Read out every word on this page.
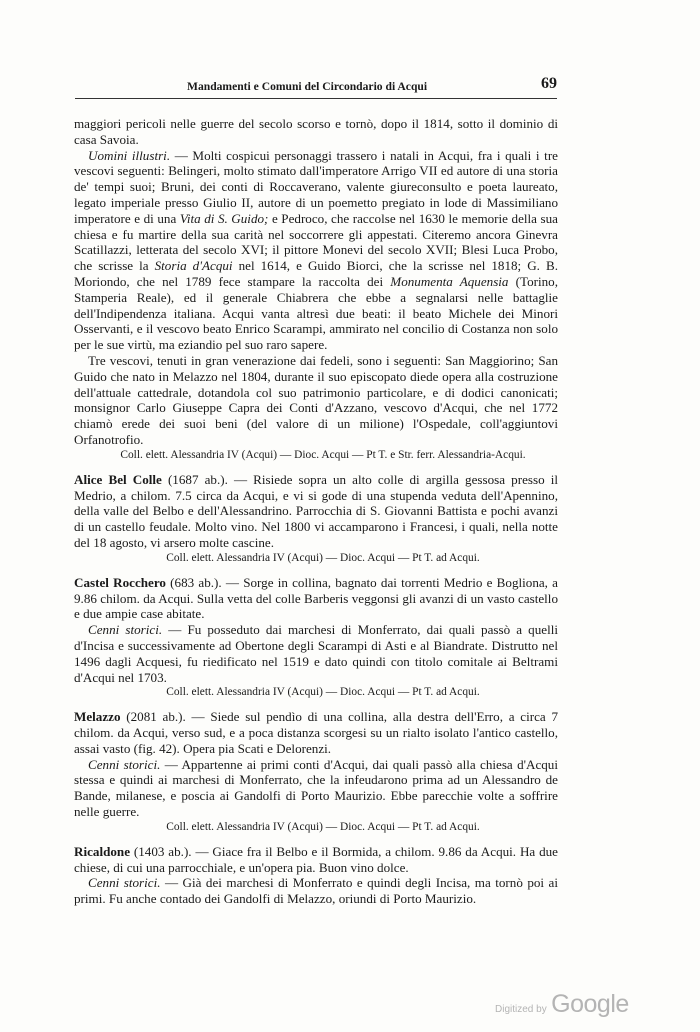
Mandamenti e Comuni del Circondario di Acqui	69

maggiori pericoli nelle guerre del secolo scorso e tornò, dopo il 1814, sotto il dominio di casa Savoia.

Uomini illustri. — Molti cospicui personaggi trassero i natali in Acqui, fra i quali i tre vescovi seguenti: Belingeri, molto stimato dall'imperatore Arrigo VII ed autore di una storia de' tempi suoi; Bruni, dei conti di Roccaverano, valente giureconsulto e poeta laureato, legato imperiale presso Giulio II, autore di un poemetto pregiato in lode di Massimiliano imperatore e di una Vita di S. Guido; e Pedroco, che raccolse nel 1630 le memorie della sua chiesa e fu martire della sua carità nel soccorrere gli appestati. Citeremo ancora Ginevra Scatillazzi, letterata del secolo XVI; il pittore Monevi del secolo XVII; Blesi Luca Probo, che scrisse la Storia d'Acqui nel 1614, e Guido Biorci, che la scrisse nel 1818; G. B. Moriondo, che nel 1789 fece stampare la raccolta dei Monumenta Aquensia (Torino, Stamperia Reale), ed il generale Chiabrera che ebbe a segnalarsi nelle battaglie dell'Indipendenza italiana. Acqui vanta altresì due beati: il beato Michele dei Minori Osservanti, e il vescovo beato Enrico Scarampi, ammirato nel concilio di Costanza non solo per le sue virtù, ma eziandio pel suo raro sapere.

Tre vescovi, tenuti in gran venerazione dai fedeli, sono i seguenti: San Maggiorino; San Guido che nato in Melazzo nel 1804, durante il suo episcopato diede opera alla costruzione dell'attuale cattedrale, dotandola col suo patrimonio particolare, e di dodici canonicati; monsignor Carlo Giuseppe Capra dei Conti d'Azzano, vescovo d'Acqui, che nel 1772 chiamò erede dei suoi beni (del valore di un milione) l'Ospedale, coll'aggiuntovi Orfanotrofio.

Coll. elett. Alessandria IV (Acqui) — Dioc. Acqui — Pt T. e Str. ferr. Alessandria-Acqui.

Alice Bel Colle (1687 ab.). — Risiede sopra un alto colle di argilla gessosa presso il Medrio, a chilom. 7.5 circa da Acqui, e vi si gode di una stupenda veduta dell'Apennino, della valle del Belbo e dell'Alessandrino. Parrocchia di S. Giovanni Battista e pochi avanzi di un castello feudale. Molto vino. Nel 1800 vi accamparono i Francesi, i quali, nella notte del 18 agosto, vi arsero molte cascine.

Coll. elett. Alessandria IV (Acqui) — Dioc. Acqui — Pt T. ad Acqui.

Castel Rocchero (683 ab.). — Sorge in collina, bagnato dai torrenti Medrio e Bogliona, a 9.86 chilom. da Acqui. Sulla vetta del colle Barberis veggonsi gli avanzi di un vasto castello e due ampie case abitate.

Cenni storici. — Fu posseduto dai marchesi di Monferrato, dai quali passò a quelli d'Incisa e successivamente ad Obertone degli Scarampi di Asti e al Biandrate. Distrutto nel 1496 dagli Acquesi, fu riedificato nel 1519 e dato quindi con titolo comitale ai Beltrami d'Acqui nel 1703.

Coll. elett. Alessandria IV (Acqui) — Dioc. Acqui — Pt T. ad Acqui.

Melazzo (2081 ab.). — Siede sul pendìo di una collina, alla destra dell'Erro, a circa 7 chilom. da Acqui, verso sud, e a poca distanza scorgesi su un rialto isolato l'antico castello, assai vasto (fig. 42). Opera pia Scati e Delorenzi.

Cenni storici. — Appartenne ai primi conti d'Acqui, dai quali passò alla chiesa d'Acqui stessa e quindi ai marchesi di Monferrato, che la infeudarono prima ad un Alessandro de Bande, milanese, e poscia ai Gandolfi di Porto Maurizio. Ebbe parecchie volte a soffrire nelle guerre.

Coll. elett. Alessandria IV (Acqui) — Dioc. Acqui — Pt T. ad Acqui.

Ricaldone (1403 ab.). — Giace fra il Belbo e il Bormida, a chilom. 9.86 da Acqui. Ha due chiese, di cui una parrocchiale, e un'opera pia. Buon vino dolce.

Cenni storici. — Già dei marchesi di Monferrato e quindi degli Incisa, ma tornò poi ai primi. Fu anche contado dei Gandolfi di Melazzo, oriundi di Porto Maurizio.

Digitized by Google
